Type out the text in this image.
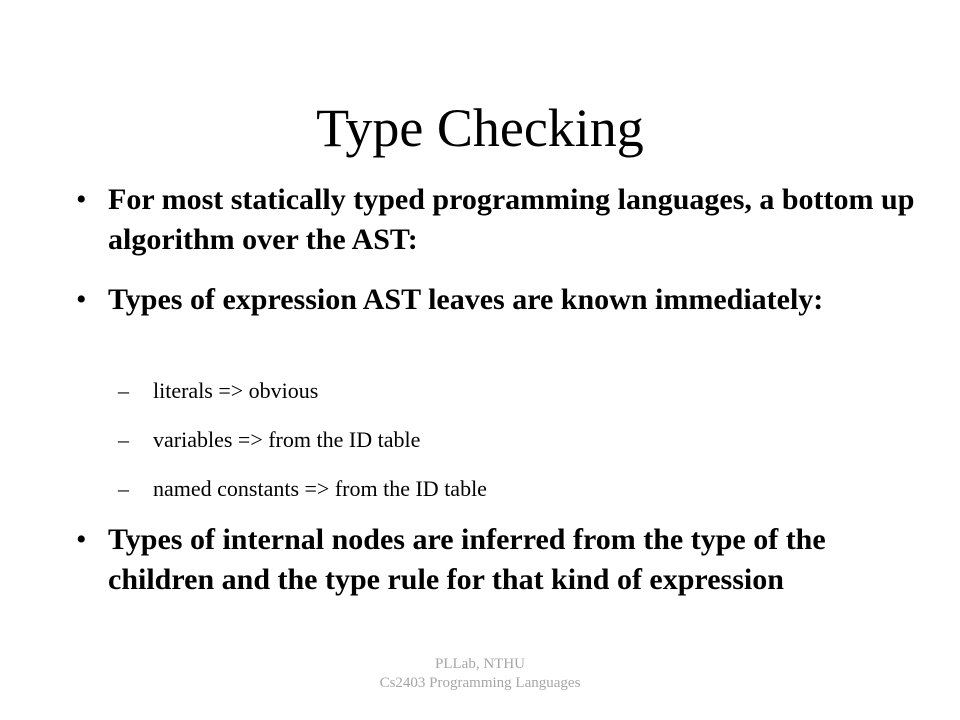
Type Checking
• For most statically typed programming languages, a bottom up algorithm over the AST:
• Types of expression AST leaves are known immediately:
–	literals => obvious
–	variables => from the ID table
–	named constants => from the ID table
• Types of internal nodes are inferred from the type of the children and the type rule for that kind of expression
PLLab, NTHU
Cs2403 Programming Languages
